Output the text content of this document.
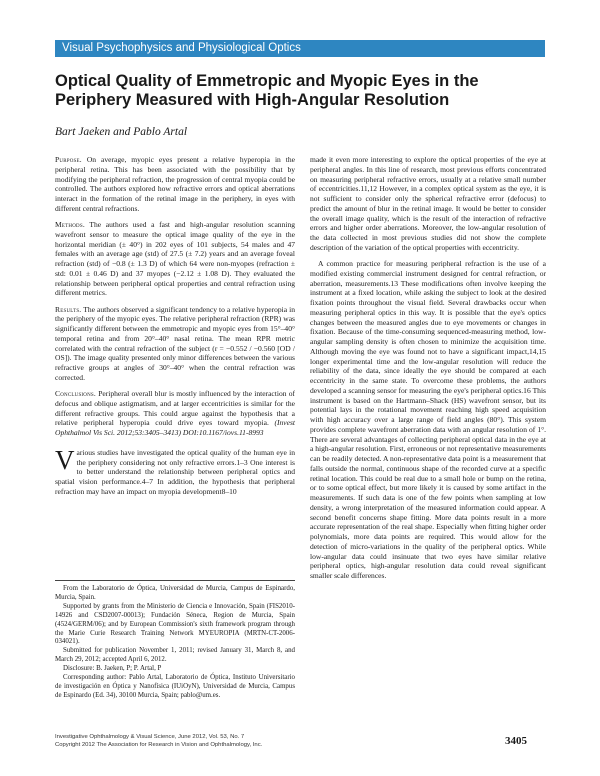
Visual Psychophysics and Physiological Optics
Optical Quality of Emmetropic and Myopic Eyes in the
Periphery Measured with High-Angular Resolution
Bart Jaeken and Pablo Artal

Purpose. On average, myopic eyes present a relative hyperopia in the peripheral retina. This has been associated with the possibility that by modifying the peripheral refraction, the progression of central myopia could be controlled. The authors explored how refractive errors and optical aberrations interact in the formation of the retinal image in the periphery, in eyes with different central refractions.

Methods. The authors used a fast and high-angular resolution scanning wavefront sensor to measure the optical image quality of the eye in the horizontal meridian (± 40°) in 202 eyes of 101 subjects, 54 males and 47 females with an average age (std) of 27.5 (± 7.2) years and an average foveal refraction (std) of −0.8 (± 1.3 D) of which 64 were non-myopes (refraction ± std: 0.01 ± 0.46 D) and 37 myopes (−2.12 ± 1.08 D). They evaluated the relationship between peripheral optical properties and central refraction using different metrics.

Results. The authors observed a significant tendency to a relative hyperopia in the periphery of the myopic eyes. The relative peripheral refraction (RPR) was significantly different between the emmetropic and myopic eyes from 15°–40° temporal retina and from 20°–40° nasal retina. The mean RPR metric correlated with the central refraction of the subject (r = −0.552 / −0.560 [OD / OS]). The image quality presented only minor differences between the various refractive groups at angles of 30°–40° when the central refraction was corrected.

Conclusions. Peripheral overall blur is mostly influenced by the interaction of defocus and oblique astigmatism, and at larger eccentricities is similar for the different refractive groups. This could argue against the hypothesis that a relative peripheral hyperopia could drive eyes toward myopia. (Invest Ophthalmol Vis Sci. 2012;53:3405–3413) DOI:10.1167/iovs.11-8993

Various studies have investigated the optical quality of the human eye in the periphery considering not only refractive errors.1–3 One interest is to better understand the relationship between peripheral optics and spatial vision performance.4–7 In addition, the hypothesis that peripheral refraction may have an impact on myopia development8–10

From the Laboratorio de Óptica, Universidad de Murcia, Campus de Espinardo, Murcia, Spain.

Supported by grants from the Ministerio de Ciencia e Innovación, Spain (FIS2010-14926 and CSD2007-00013); Fundación Séneca, Region de Murcia, Spain (4524/GERM/06); and by European Commission's sixth framework program through the Marie Curie Research Training Network MYEUROPIA (MRTN-CT-2006-034021).

Submitted for publication November 1, 2011; revised January 31, March 8, and March 29, 2012; accepted April 6, 2012.

Disclosure: B. Jaeken, P; P. Artal, P

Corresponding author: Pablo Artal, Laboratorio de Óptica, Instituto Universitario de investigación en Óptica y Nanofísica (IUiOyN), Universidad de Murcia, Campus de Espinardo (Ed. 34), 30100 Murcia, Spain; pablo@um.es.

made it even more interesting to explore the optical properties of the eye at peripheral angles. In this line of research, most previous efforts concentrated on measuring peripheral refractive errors, usually at a relative small number of eccentricities.11,12 However, in a complex optical system as the eye, it is not sufficient to consider only the spherical refractive error (defocus) to predict the amount of blur in the retinal image. It would be better to consider the overall image quality, which is the result of the interaction of refractive errors and higher order aberrations. Moreover, the low-angular resolution of the data collected in most previous studies did not show the complete description of the variation of the optical properties with eccentricity.

A common practice for measuring peripheral refraction is the use of a modified existing commercial instrument designed for central refraction, or aberration, measurements.13 These modifications often involve keeping the instrument at a fixed location, while asking the subject to look at the desired fixation points throughout the visual field. Several drawbacks occur when measuring peripheral optics in this way. It is possible that the eye's optics changes between the measured angles due to eye movements or changes in fixation. Because of the time-consuming sequenced-measuring method, low-angular sampling density is often chosen to minimize the acquisition time. Although moving the eye was found not to have a significant impact,14,15 longer experimental time and the low-angular resolution will reduce the reliability of the data, since ideally the eye should be compared at each eccentricity in the same state. To overcome these problems, the authors developed a scanning sensor for measuring the eye's peripheral optics.16 This instrument is based on the Hartmann–Shack (HS) wavefront sensor, but its potential lays in the rotational movement reaching high speed acquisition with high accuracy over a large range of field angles (80°). This system provides complete wavefront aberration data with an angular resolution of 1°. There are several advantages of collecting peripheral optical data in the eye at a high-angular resolution. First, erroneous or not representative measurements can be readily detected. A non-representative data point is a measurement that falls outside the normal, continuous shape of the recorded curve at a specific retinal location. This could be real due to a small hole or bump on the retina, or to some optical effect, but more likely it is caused by some artifact in the measurements. If such data is one of the few points when sampling at low density, a wrong interpretation of the measured information could appear. A second benefit concerns shape fitting. More data points result in a more accurate representation of the real shape. Especially when fitting higher order polynomials, more data points are required. This would allow for the detection of micro-variations in the quality of the peripheral optics. While low-angular data could insinuate that two eyes have similar relative peripheral optics, high-angular resolution data could reveal significant smaller scale differences.

Investigative Ophthalmology & Visual Science, June 2012, Vol. 53, No. 7
Copyright 2012 The Association for Research in Vision and Ophthalmology, Inc.	3405
